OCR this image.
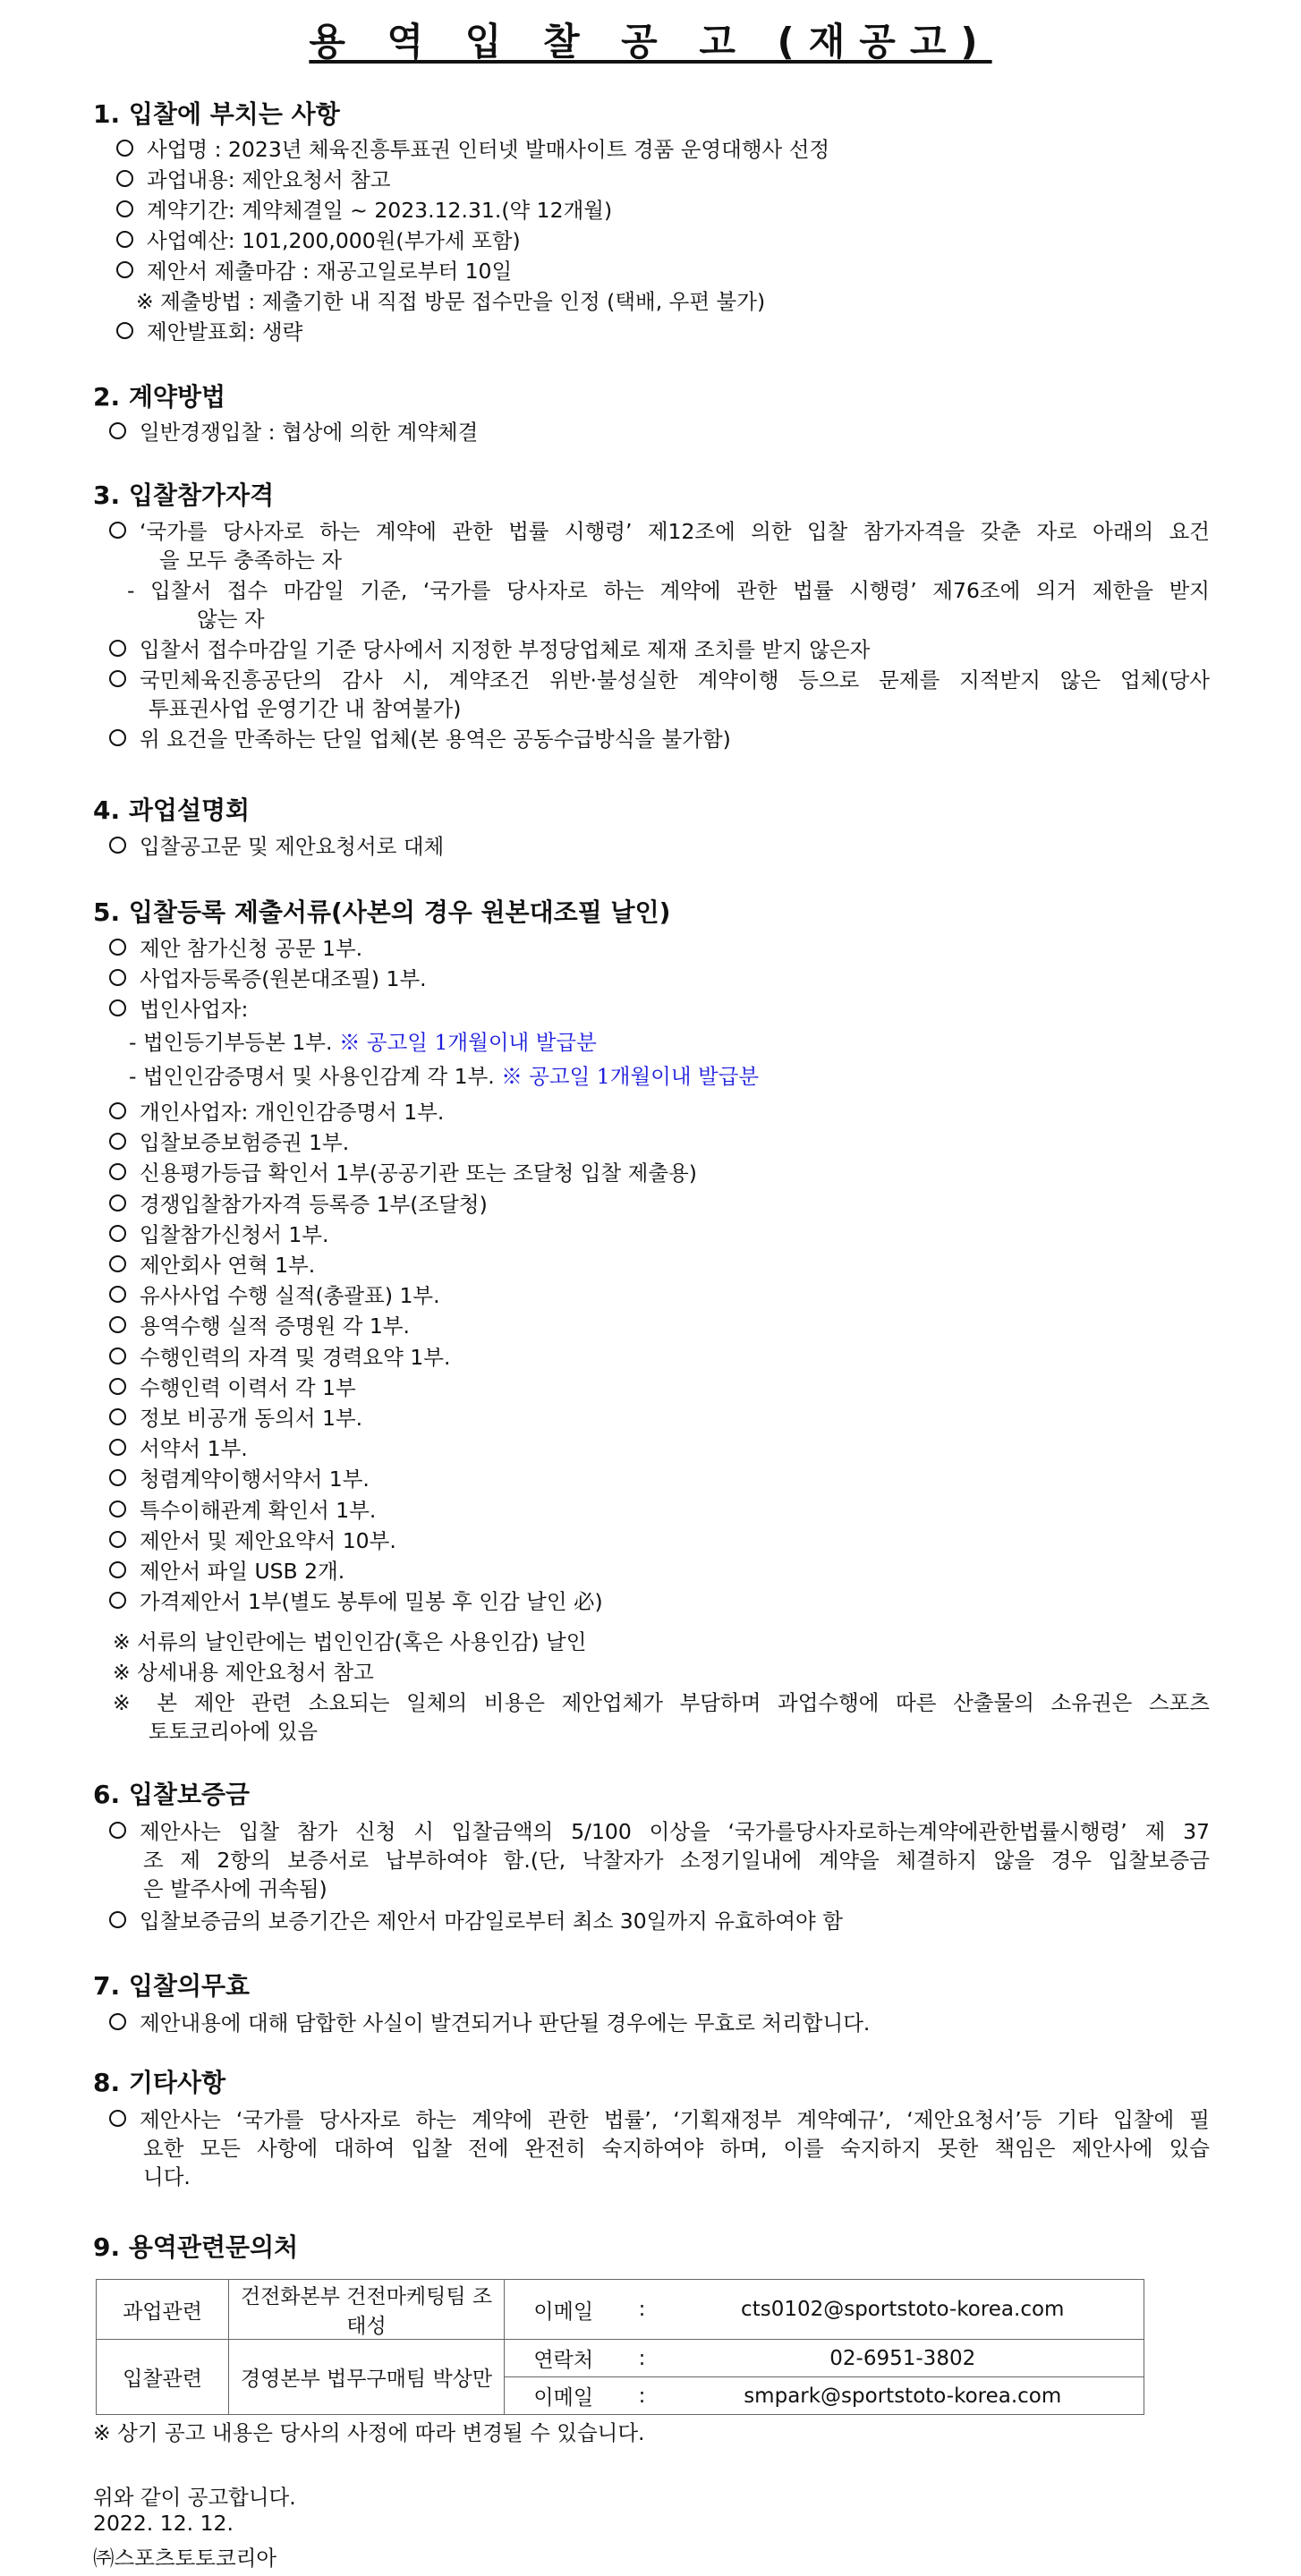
용 역 입 찰 공 고 (재공고)
1. 입찰에 부치는 사항
사업명 : 2023년 체육진흥투표권 인터넷 발매사이트 경품 운영대행사 선정
과업내용: 제안요청서 참고
계약기간: 계약체결일 ~ 2023.12.31.(약 12개월)
사업예산: 101,200,000원(부가세 포함)
제안서 제출마감 : 재공고일로부터 10일
※ 제출방법 : 제출기한 내 직접 방문 접수만을 인정 (택배, 우편 불가)
제안발표회: 생략
2. 계약방법
일반경쟁입찰 : 협상에 의한 계약체결
3. 입찰참가자격
‘국가를 당사자로 하는 계약에 관한 법률 시행령’ 제12조에 의한 입찰 참가자격을 갖춘 자로 아래의 요건
을 모두 충족하는 자
- 입찰서 접수 마감일 기준, ‘국가를 당사자로 하는 계약에 관한 법률 시행령’ 제76조에 의거 제한을 받지
않는 자
입찰서 접수마감일 기준 당사에서 지정한 부정당업체로 제재 조치를 받지 않은자
국민체육진흥공단의 감사 시, 계약조건 위반·불성실한 계약이행 등으로 문제를 지적받지 않은 업체(당사
투표권사업 운영기간 내 참여불가)
위 요건을 만족하는 단일 업체(본 용역은 공동수급방식을 불가함)
4. 과업설명회
입찰공고문 및 제안요청서로 대체
5. 입찰등록 제출서류(사본의 경우 원본대조필 날인)
제안 참가신청 공문 1부.
사업자등록증(원본대조필) 1부.
법인사업자:
- 법인등기부등본 1부. ※ 공고일 1개월이내 발급분
- 법인인감증명서 및 사용인감계 각 1부. ※ 공고일 1개월이내 발급분
개인사업자: 개인인감증명서 1부.
입찰보증보험증권 1부.
신용평가등급 확인서 1부(공공기관 또는 조달청 입찰 제출용)
경쟁입찰참가자격 등록증 1부(조달청)
입찰참가신청서 1부.
제안회사 연혁 1부.
유사사업 수행 실적(총괄표) 1부.
용역수행 실적 증명원 각 1부.
수행인력의 자격 및 경력요약 1부.
수행인력 이력서 각 1부
정보 비공개 동의서 1부.
서약서 1부.
청렴계약이행서약서 1부.
특수이해관계 확인서 1부.
제안서 및 제안요약서 10부.
제안서 파일 USB 2개.
가격제안서 1부(별도 봉투에 밀봉 후 인감 날인 必)
※ 서류의 날인란에는 법인인감(혹은 사용인감) 날인
※ 상세내용 제안요청서 참고
※ 본 제안 관련 소요되는 일체의 비용은 제안업체가 부담하며 과업수행에 따른 산출물의 소유권은 스포츠
토토코리아에 있음
6. 입찰보증금
제안사는 입찰 참가 신청 시 입찰금액의 5/100 이상을 ‘국가를당사자로하는계약에관한법률시행령’ 제 37
조 제 2항의 보증서로 납부하여야 함.(단, 낙찰자가 소정기일내에 계약을 체결하지 않을 경우 입찰보증금
은 발주사에 귀속됨)
입찰보증금의 보증기간은 제안서 마감일로부터 최소 30일까지 유효하여야 함
7. 입찰의무효
제안내용에 대해 담합한 사실이 발견되거나 판단될 경우에는 무효로 처리합니다.
8. 기타사항
제안사는 ‘국가를 당사자로 하는 계약에 관한 법률’, ‘기획재정부 계약예규’, ‘제안요청서’등 기타 입찰에 필
요한 모든 사항에 대하여 입찰 전에 완전히 숙지하여야 하며, 이를 숙지하지 못한 책임은 제안사에 있습
니다.
9. 용역관련문의처
과업관련	건전화본부 건전마케팅팀 조태성	이메일	:	cts0102@sportstoto-korea.com
입찰관련	경영본부 법무구매팀 박상만	연락처	:	02-6951-3802
		이메일	:	smpark@sportstoto-korea.com
※ 상기 공고 내용은 당사의 사정에 따라 변경될 수 있습니다.
위와 같이 공고합니다.
2022. 12. 12.
㈜스포츠토토코리아
